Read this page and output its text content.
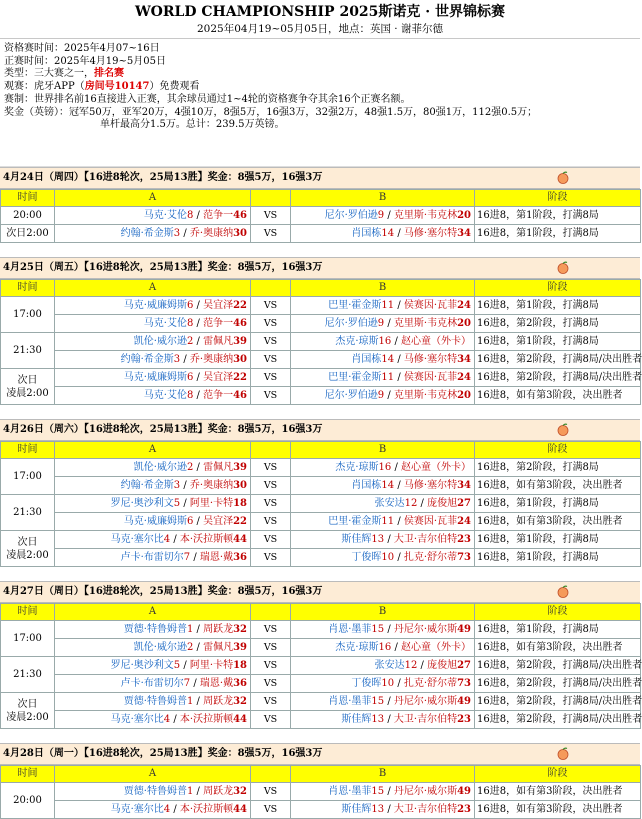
WORLD CHAMPIONSHIP 2025斯诺克 · 世界锦标赛
2025年04月19~05月05日，地点：英国 · 谢菲尔德
资格赛时间：2025年4月07~16日
正赛时间：2025年4月19~5月05日
类型：三大赛之一，排名赛
观赛：虎牙APP（房间号10147）免费观看
赛制：世界排名前16直接进入正赛，其余球员通过1~4轮的资格赛争夺其余16个正赛名额。
奖金（英镑）：冠军50万，亚军20万，4强10万，8强5万，16强3万，32强2万，48强1.5万，80强1万，112强0.5万；
单杆最高分1.5万。总计：239.5万英镑。
4月24日（周四）【16进8轮次，25局13胜】奖金：8强5万，16强3万
时间	A		B	阶段
20:00	马克·艾伦8 / 范争一46	VS	尼尔·罗伯逊9 / 克里斯·韦克林20	16进8，第1阶段，打满8局
次日2:00	约翰·希金斯3 / 乔·奥康纳30	VS	肖国栋14 / 马修·塞尔特34	16进8，第1阶段，打满8局
4月25日（周五）【16进8轮次，25局13胜】奖金：8强5万，16强3万
时间	A		B	阶段
17:00	马克·威廉姆斯6 / 吴宜泽22	VS	巴里·霍金斯11 / 侯赛因·瓦菲24	16进8，第1阶段，打满8局
	马克·艾伦8 / 范争一46	VS	尼尔·罗伯逊9 / 克里斯·韦克林20	16进8，第2阶段，打满8局
21:30	凯伦·威尔逊2 / 雷佩凡39	VS	杰克·琼斯16 / 赵心童（外卡）	16进8，第1阶段，打满8局
	约翰·希金斯3 / 乔·奥康纳30	VS	肖国栋14 / 马修·塞尔特34	16进8，第2阶段，打满8局/决出胜者
次日
凌晨2:00	马克·威廉姆斯6 / 吴宜泽22	VS	巴里·霍金斯11 / 侯赛因·瓦菲24	16进8，第2阶段，打满8局/决出胜者
	马克·艾伦8 / 范争一46	VS	尼尔·罗伯逊9 / 克里斯·韦克林20	16进8，如有第3阶段，决出胜者
4月26日（周六）【16进8轮次，25局13胜】奖金：8强5万，16强3万
时间	A		B	阶段
17:00	凯伦·威尔逊2 / 雷佩凡39	VS	杰克·琼斯16 / 赵心童（外卡）	16进8，第2阶段，打满8局
	约翰·希金斯3 / 乔·奥康纳30	VS	肖国栋14 / 马修·塞尔特34	16进8，如有第3阶段，决出胜者
21:30	罗尼·奥沙利文5 / 阿里·卡特18	VS	张安达12 / 庞俊旭27	16进8，第1阶段，打满8局
	马克·威廉姆斯6 / 吴宜泽22	VS	巴里·霍金斯11 / 侯赛因·瓦菲24	16进8，如有第3阶段，决出胜者
次日
凌晨2:00	马克·塞尔比4 / 本·沃拉斯顿44	VS	斯佳辉13 / 大卫·吉尔伯特23	16进8，第1阶段，打满8局
	卢卡·布雷切尔7 / 瑞恩·戴36	VS	丁俊晖10 / 扎克·舒尔蒂73	16进8，第1阶段，打满8局
4月27日（周日）【16进8轮次，25局13胜】奖金：8强5万，16强3万
时间	A		B	阶段
17:00	贾德·特鲁姆普1 / 周跃龙32	VS	肖恩·墨菲15 / 丹尼尔·威尔斯49	16进8，第1阶段，打满8局
	凯伦·威尔逊2 / 雷佩凡39	VS	杰克·琼斯16 / 赵心童（外卡）	16进8，如有第3阶段，决出胜者
21:30	罗尼·奥沙利文5 / 阿里·卡特18	VS	张安达12 / 庞俊旭27	16进8，第2阶段，打满8局/决出胜者
	卢卡·布雷切尔7 / 瑞恩·戴36	VS	丁俊晖10 / 扎克·舒尔蒂73	16进8，第2阶段，打满8局/决出胜者
次日
凌晨2:00	贾德·特鲁姆普1 / 周跃龙32	VS	肖恩·墨菲15 / 丹尼尔·威尔斯49	16进8，第2阶段，打满8局/决出胜者
	马克·塞尔比4 / 本·沃拉斯顿44	VS	斯佳辉13 / 大卫·吉尔伯特23	16进8，第2阶段，打满8局/决出胜者
4月28日（周一）【16进8轮次，25局13胜】奖金：8强5万，16强3万
时间	A		B	阶段
20:00	贾德·特鲁姆普1 / 周跃龙32	VS	肖恩·墨菲15 / 丹尼尔·威尔斯49	16进8，如有第3阶段，决出胜者
	马克·塞尔比4 / 本·沃拉斯顿44	VS	斯佳辉13 / 大卫·吉尔伯特23	16进8，如有第3阶段，决出胜者
